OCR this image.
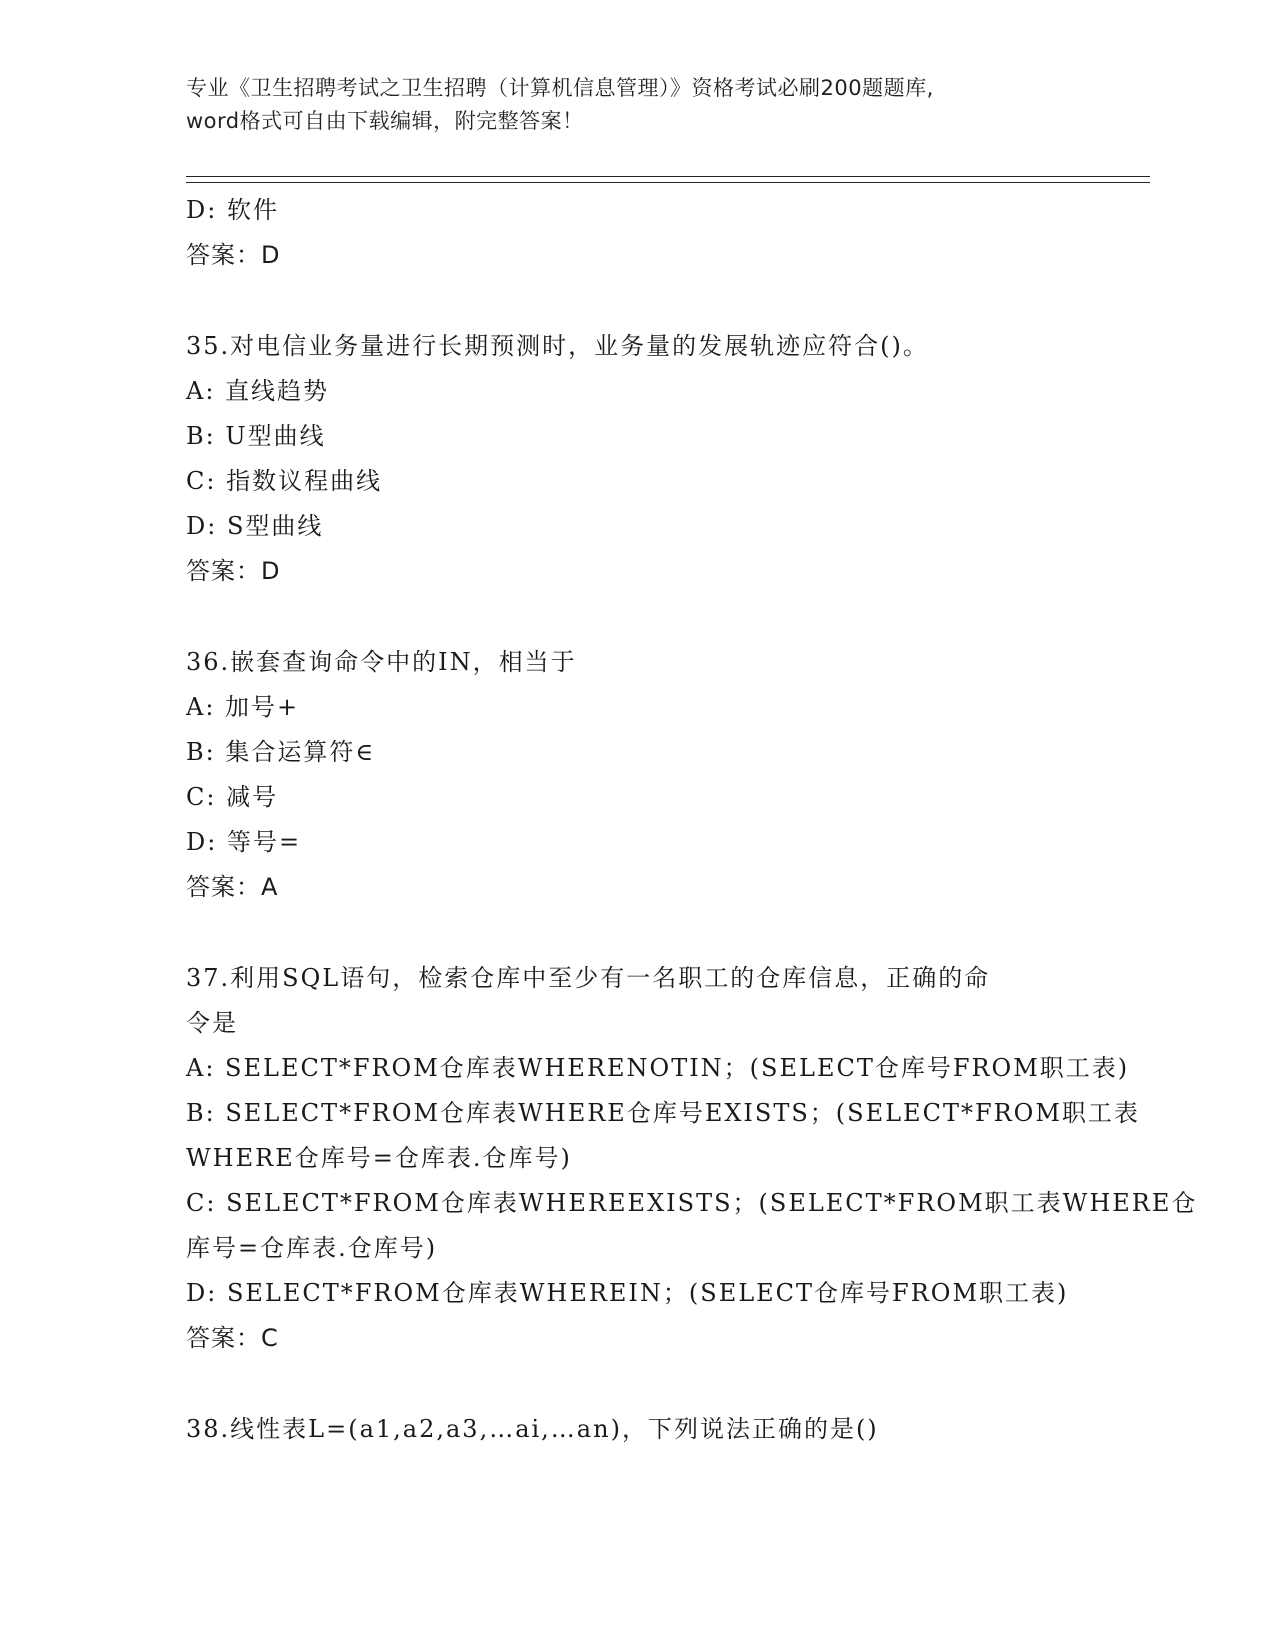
专业《卫生招聘考试之卫生招聘（计算机信息管理）》资格考试必刷200题题库,
word格式可自由下载编辑，附完整答案！
D: 软件
答案：D
35.对电信业务量进行长期预测时，业务量的发展轨迹应符合()。
A: 直线趋势
B: U型曲线
C: 指数议程曲线
D: S型曲线
答案：D
36.嵌套查询命令中的IN，相当于
A: 加号+
B: 集合运算符∈
C: 减号
D: 等号=
答案：A
37.利用SQL语句，检索仓库中至少有一名职工的仓库信息，正确的命
令是
A: SELECT*FROM仓库表WHERENOTIN；(SELECT仓库号FROM职工表)
B: SELECT*FROM仓库表WHERE仓库号EXISTS；(SELECT*FROM职工表
WHERE仓库号=仓库表.仓库号)
C: SELECT*FROM仓库表WHEREEXISTS；(SELECT*FROM职工表WHERE仓
库号=仓库表.仓库号)
D: SELECT*FROM仓库表WHEREIN；(SELECT仓库号FROM职工表)
答案：C
38.线性表L=(a1,a2,a3,…ai,…an)，下列说法正确的是()
